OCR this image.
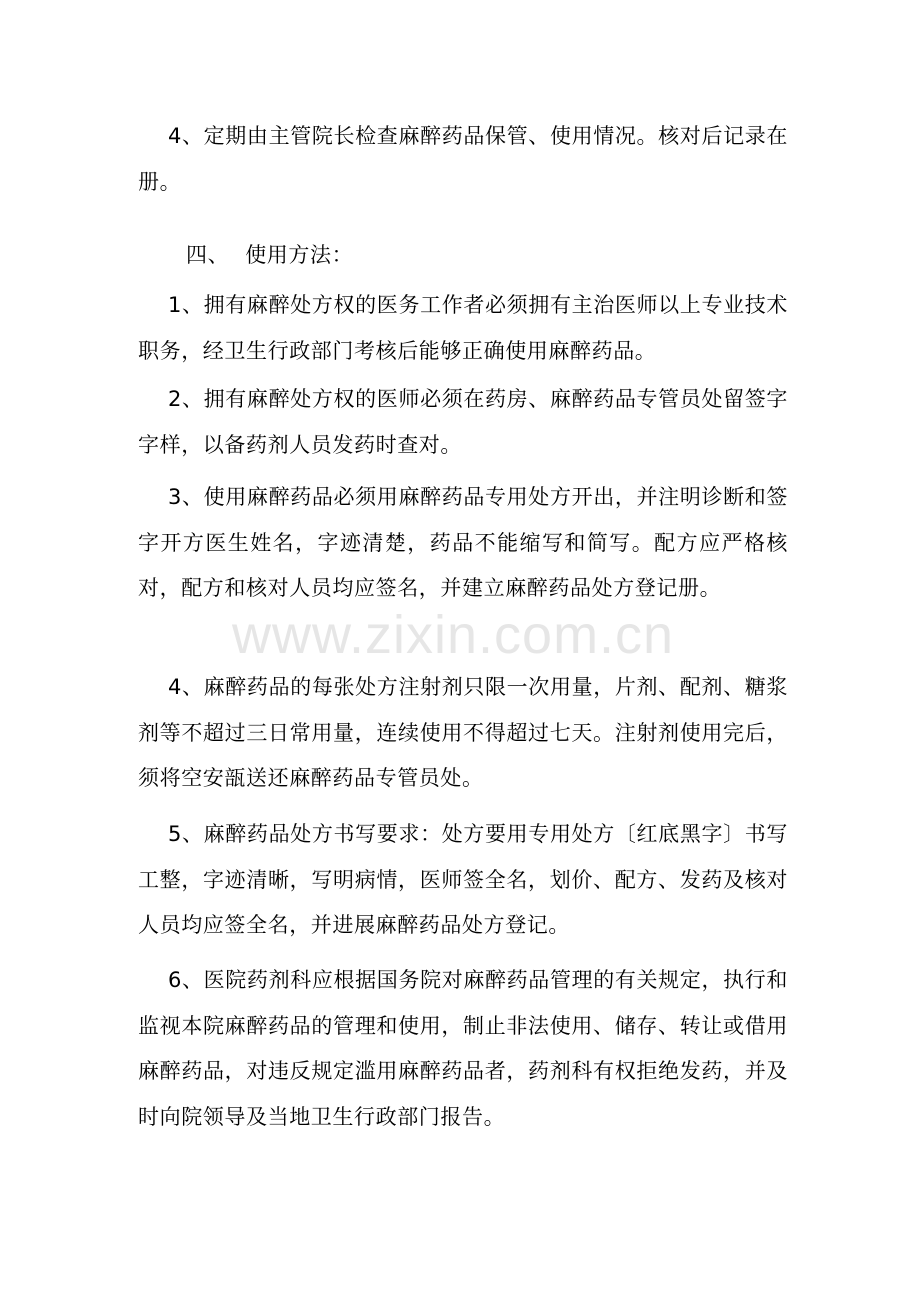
4、定期由主管院长检查麻醉药品保管、使用情况。核对后记录在册。

四、 使用方法：

1、拥有麻醉处方权的医务工作者必须拥有主治医师以上专业技术职务，经卫生行政部门考核后能够正确使用麻醉药品。

2、拥有麻醉处方权的医师必须在药房、麻醉药品专管员处留签字字样，以备药剂人员发药时查对。

3、使用麻醉药品必须用麻醉药品专用处方开出，并注明诊断和签字开方医生姓名，字迹清楚，药品不能缩写和简写。配方应严格核对，配方和核对人员均应签名，并建立麻醉药品处方登记册。

4、麻醉药品的每张处方注射剂只限一次用量，片剂、配剂、糖浆剂等不超过三日常用量，连续使用不得超过七天。注射剂使用完后，须将空安瓿送还麻醉药品专管员处。

5、麻醉药品处方书写要求：处方要用专用处方〔红底黑字〕书写工整，字迹清晰，写明病情，医师签全名，划价、配方、发药及核对人员均应签全名，并进展麻醉药品处方登记。

6、医院药剂科应根据国务院对麻醉药品管理的有关规定，执行和监视本院麻醉药品的管理和使用，制止非法使用、储存、转让或借用麻醉药品，对违反规定滥用麻醉药品者，药剂科有权拒绝发药，并及时向院领导及当地卫生行政部门报告。

www.zixin.com.cn
